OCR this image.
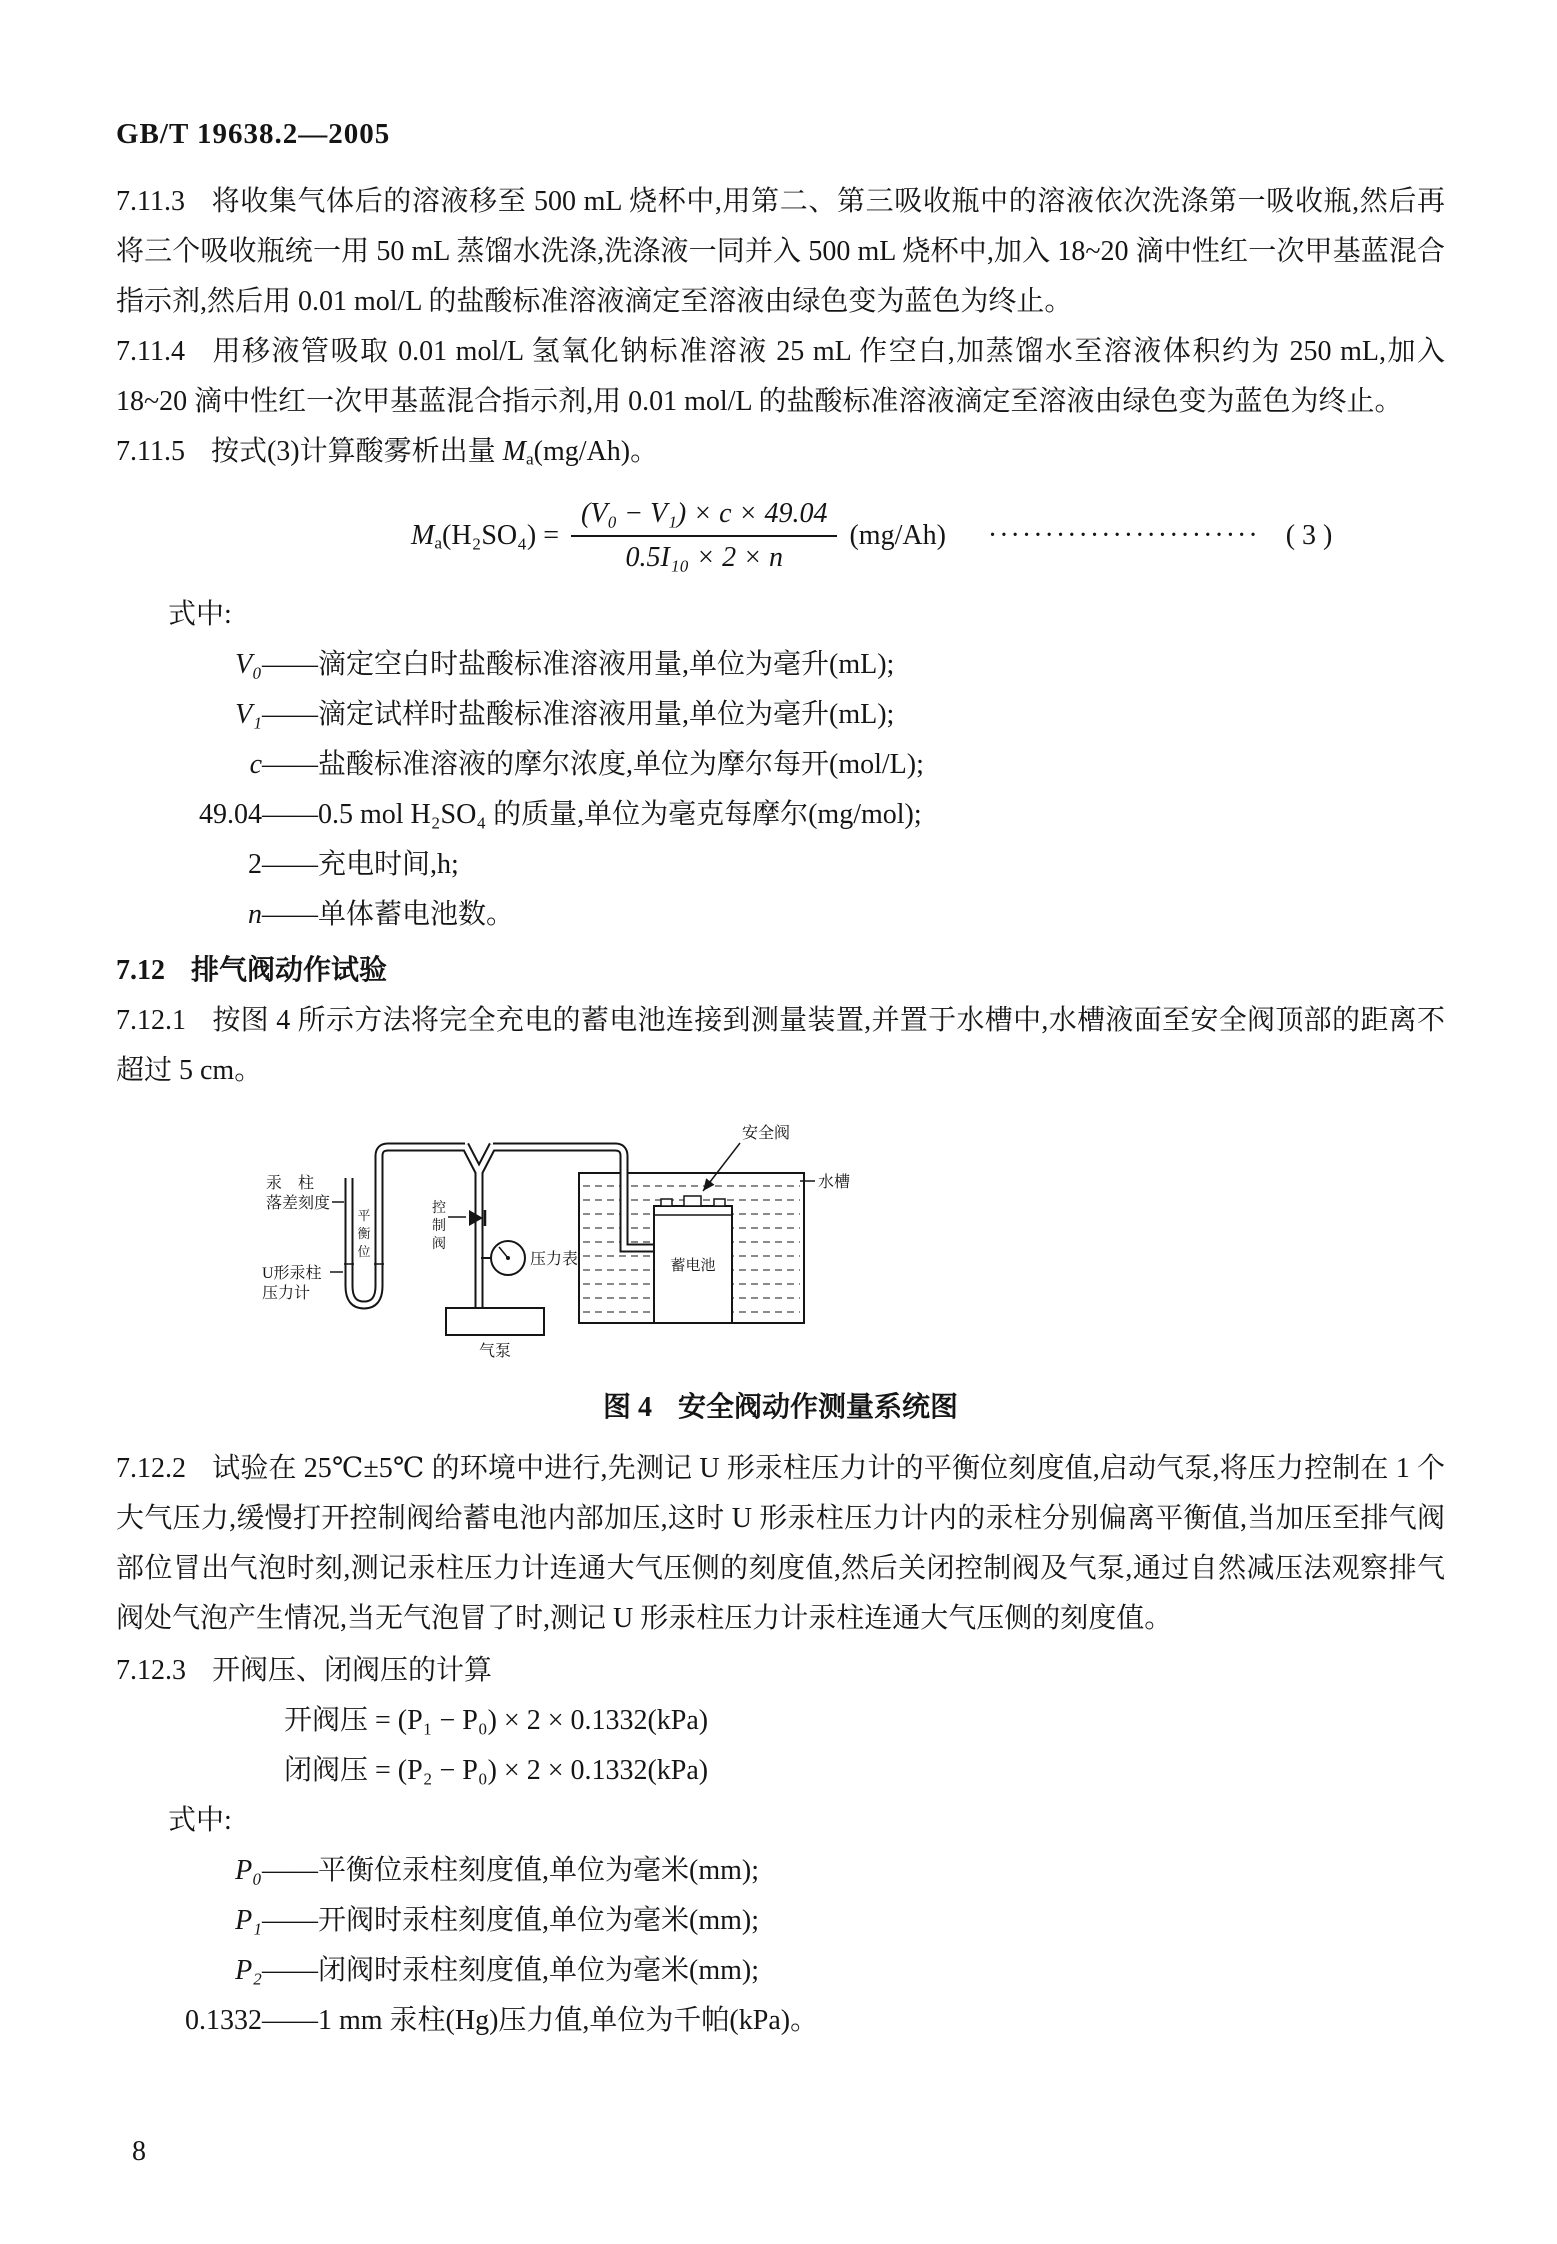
GB/T 19638.2—2005

7.11.3 将收集气体后的溶液移至 500 mL 烧杯中,用第二、第三吸收瓶中的溶液依次洗涤第一吸收瓶,然后再将三个吸收瓶统一用 50 mL 蒸馏水洗涤,洗涤液一同并入 500 mL 烧杯中,加入 18~20 滴中性红一次甲基蓝混合指示剂,然后用 0.01 mol/L 的盐酸标准溶液滴定至溶液由绿色变为蓝色为终止。

7.11.4 用移液管吸取 0.01 mol/L 氢氧化钠标准溶液 25 mL 作空白,加蒸馏水至溶液体积约为 250 mL,加入 18~20 滴中性红一次甲基蓝混合指示剂,用 0.01 mol/L 的盐酸标准溶液滴定至溶液由绿色变为蓝色为终止。

7.11.5 按式(3)计算酸雾析出量 $M_a(mg/Ah)$。

$M_a(H_2SO_4) = \frac{\text{(V₀ − V₁) × c × 49.04}}{\text{0.5I₁₀ × 2 × n}} (mg/Ah)$ ························ ( 3 )
式中:
V₀ ——滴定空白时盐酸标准溶液用量,单位为毫升(mL);
V₁ ——滴定试样时盐酸标准溶液用量,单位为毫升(mL);
c ——盐酸标准溶液的摩尔浓度,单位为摩尔每开(mol/L);
49.04 ——0.5 mol H₂SO₄ 的质量,单位为毫克每摩尔(mg/mol);
2 ——充电时间,h;
n ——单体蓄电池数。

7.12 排气阀动作试验

7.12.1 按图 4 所示方法将完全充电的蓄电池连接到测量装置,并置于水槽中,水槽液面至安全阀顶部的距离不超过 5 cm。

蓄电池
安全阀
水槽
汞　柱
落差刻度
平衡位
控制阀
压力表
U形汞柱
压力计
气泵
图 4 安全阀动作测量系统图

7.12.2 试验在 25℃±5℃ 的环境中进行,先测记 U 形汞柱压力计的平衡位刻度值,启动气泵,将压力控制在 1 个大气压力,缓慢打开控制阀给蓄电池内部加压,这时 U 形汞柱压力计内的汞柱分别偏离平衡值,当加压至排气阀部位冒出气泡时刻,测记汞柱压力计连通大气压侧的刻度值,然后关闭控制阀及气泵,通过自然减压法观察排气阀处气泡产生情况,当无气泡冒了时,测记 U 形汞柱压力计汞柱连通大气压侧的刻度值。

7.12.3 开阀压、闭阀压的计算

开阀压 = (P₁ − P₀) × 2 × 0.1332(kPa)
闭阀压 = (P₂ − P₀) × 2 × 0.1332(kPa)
式中:
P₀ ——平衡位汞柱刻度值,单位为毫米(mm);
P₁ ——开阀时汞柱刻度值,单位为毫米(mm);
P₂ ——闭阀时汞柱刻度值,单位为毫米(mm);
0.1332 ——1 mm 汞柱(Hg)压力值,单位为千帕(kPa)。
8
